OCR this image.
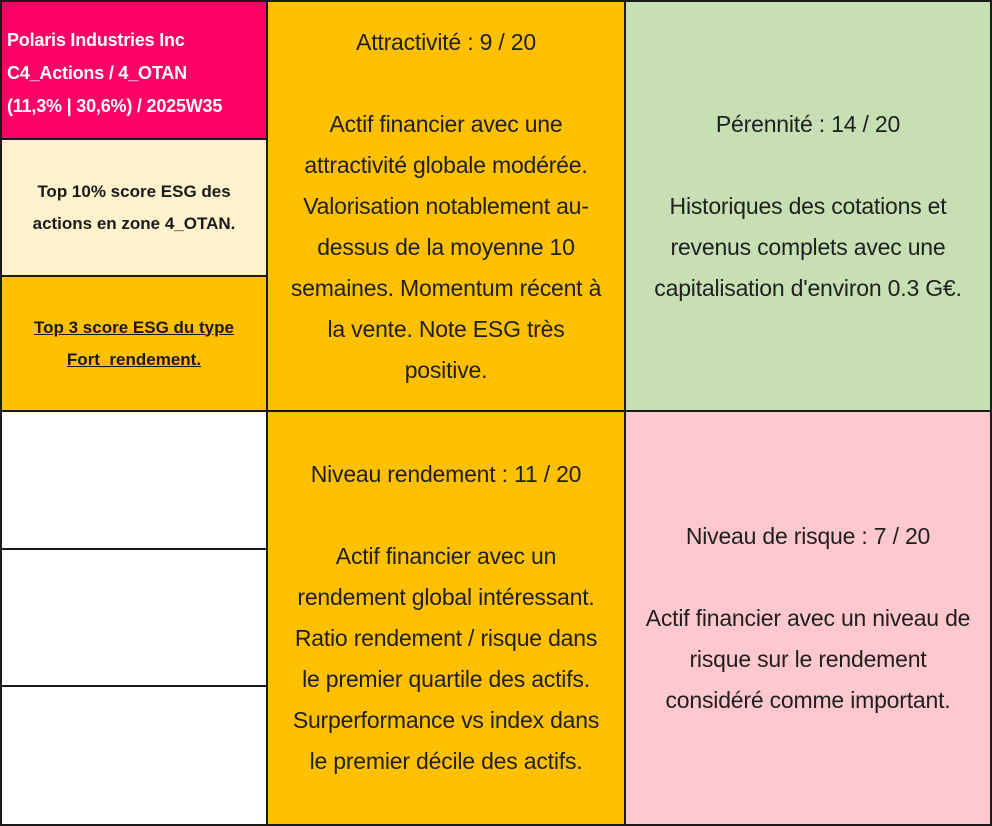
Polaris Industries Inc
C4_Actions / 4_OTAN
(11,3% | 30,6%) / 2025W35
Top 10% score ESG des
actions en zone 4_OTAN.
Top 3 score ESG du type
Fort_rendement.
Attractivité : 9 / 20
Actif financier avec une
attractivité globale modérée.
Valorisation notablement au-
dessus de la moyenne 10
semaines. Momentum récent à
la vente. Note ESG très
positive.
Pérennité : 14 / 20
Historiques des cotations et
revenus complets avec une
capitalisation d'environ 0.3 G€.
Niveau rendement : 11 / 20
Actif financier avec un
rendement global intéressant.
Ratio rendement / risque dans
le premier quartile des actifs.
Surperformance vs index dans
le premier décile des actifs.
Niveau de risque : 7 / 20
Actif financier avec un niveau de
risque sur le rendement
considéré comme important.
